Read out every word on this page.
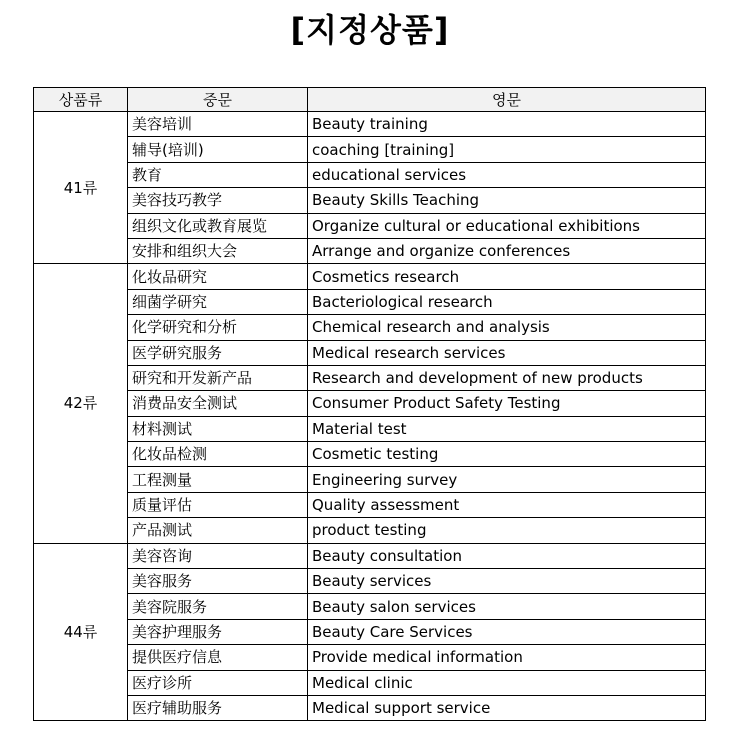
[지정상품]
상품류	중문	영문
41류	美容培训	Beauty training
	辅导(培训)	coaching [training]
	教育	educational services
	美容技巧教学	Beauty Skills Teaching
	组织文化或教育展览	Organize cultural or educational exhibitions
	安排和组织大会	Arrange and organize conferences
42류	化妆品研究	Cosmetics research
	细菌学研究	Bacteriological research
	化学研究和分析	Chemical research and analysis
	医学研究服务	Medical research services
	研究和开发新产品	Research and development of new products
	消费品安全测试	Consumer Product Safety Testing
	材料测试	Material test
	化妆品检测	Cosmetic testing
	工程测量	Engineering survey
	质量评估	Quality assessment
	产品测试	product testing
44류	美容咨询	Beauty consultation
	美容服务	Beauty services
	美容院服务	Beauty salon services
	美容护理服务	Beauty Care Services
	提供医疗信息	Provide medical information
	医疗诊所	Medical clinic
	医疗辅助服务	Medical support service
